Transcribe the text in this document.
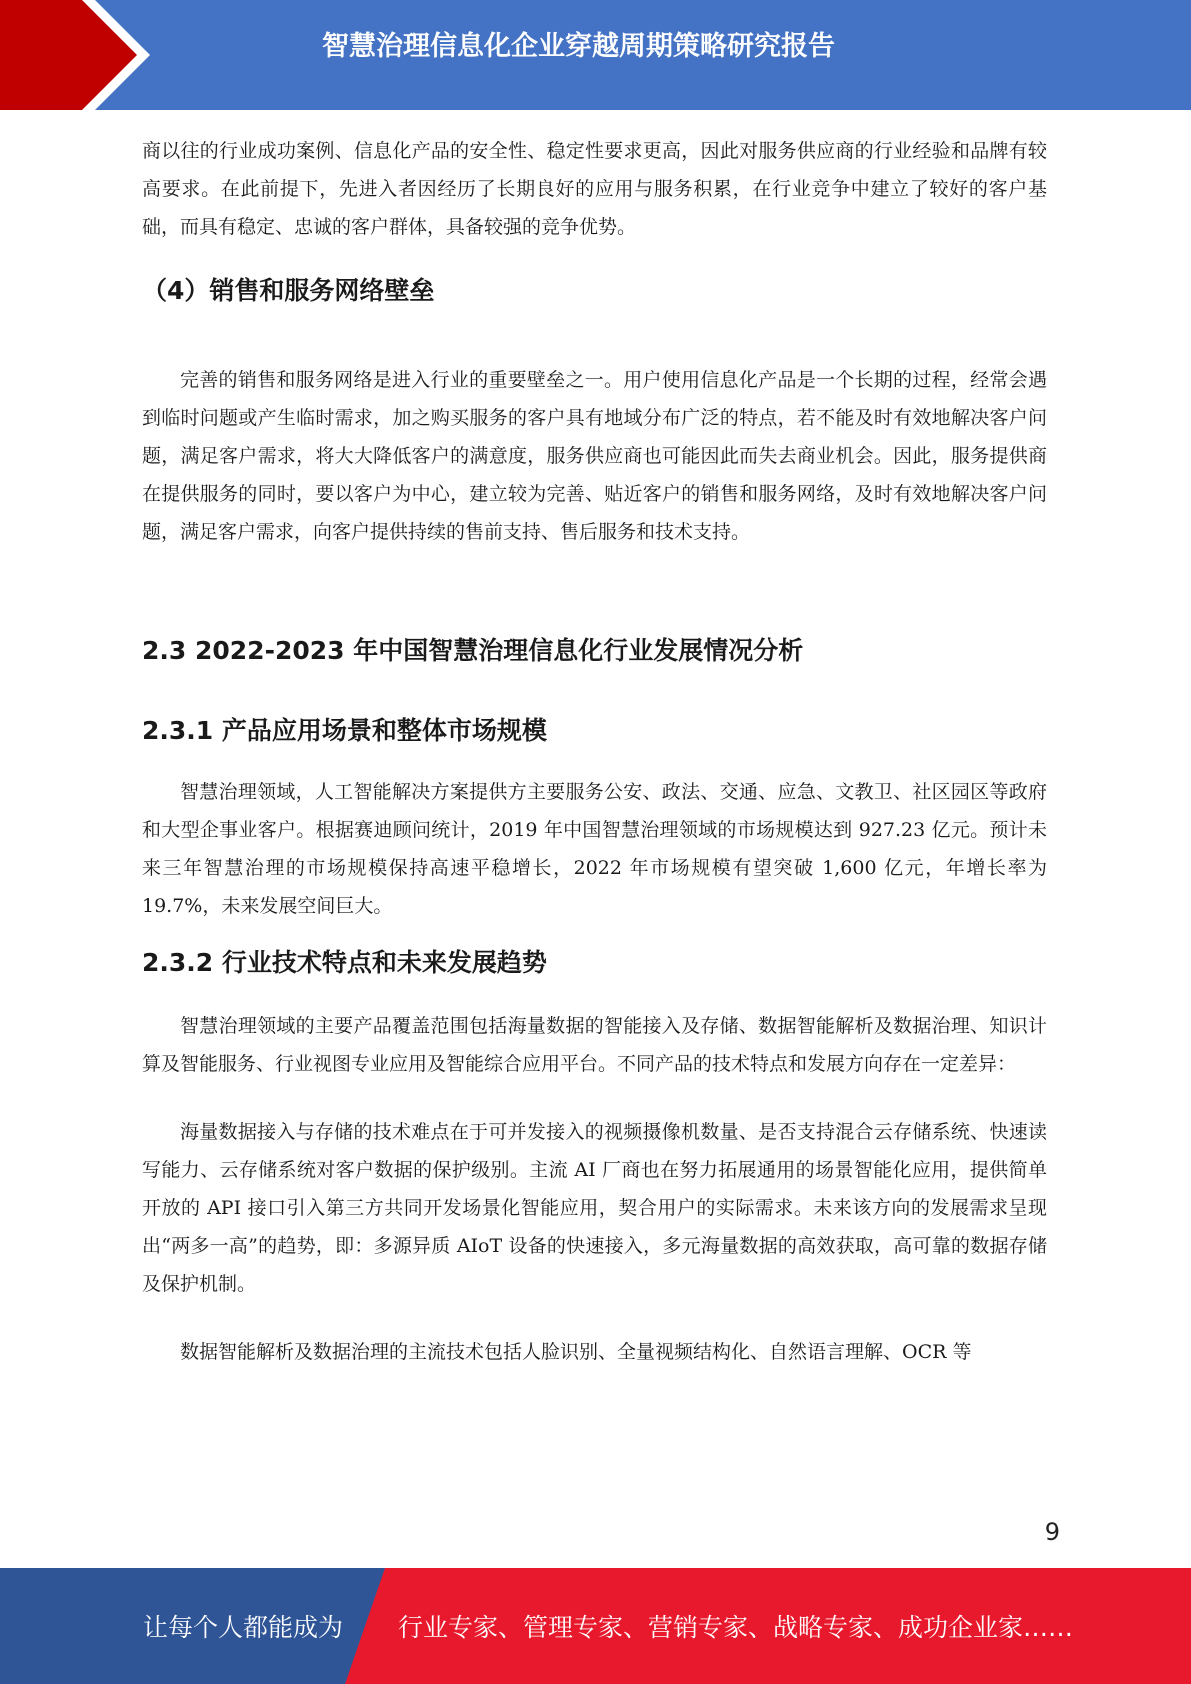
智慧治理信息化企业穿越周期策略研究报告

商以往的行业成功案例、信息化产品的安全性、稳定性要求更高，因此对服务供应商的行业经验和品牌有较高要求。在此前提下，先进入者因经历了长期良好的应用与服务积累，在行业竞争中建立了较好的客户基础，而具有稳定、忠诚的客户群体，具备较强的竞争优势。

（4）销售和服务网络壁垒

完善的销售和服务网络是进入行业的重要壁垒之一。用户使用信息化产品是一个长期的过程，经常会遇到临时问题或产生临时需求，加之购买服务的客户具有地域分布广泛的特点，若不能及时有效地解决客户问题，满足客户需求，将大大降低客户的满意度，服务供应商也可能因此而失去商业机会。因此，服务提供商在提供服务的同时，要以客户为中心，建立较为完善、贴近客户的销售和服务网络，及时有效地解决客户问题，满足客户需求，向客户提供持续的售前支持、售后服务和技术支持。

2.3 2022-2023 年中国智慧治理信息化行业发展情况分析
2.3.1 产品应用场景和整体市场规模

智慧治理领域，人工智能解决方案提供方主要服务公安、政法、交通、应急、文教卫、社区园区等政府和大型企事业客户。根据赛迪顾问统计，2019 年中国智慧治理领域的市场规模达到 927.23 亿元。预计未来三年智慧治理的市场规模保持高速平稳增长，2022 年市场规模有望突破 1,600 亿元，年增长率为 19.7%，未来发展空间巨大。

2.3.2 行业技术特点和未来发展趋势

智慧治理领域的主要产品覆盖范围包括海量数据的智能接入及存储、数据智能解析及数据治理、知识计算及智能服务、行业视图专业应用及智能综合应用平台。不同产品的技术特点和发展方向存在一定差异：

海量数据接入与存储的技术难点在于可并发接入的视频摄像机数量、是否支持混合云存储系统、快速读写能力、云存储系统对客户数据的保护级别。主流 AI 厂商也在努力拓展通用的场景智能化应用，提供简单开放的 API 接口引入第三方共同开发场景化智能应用，契合用户的实际需求。未来该方向的发展需求呈现出“两多一高”的趋势，即：多源异质 AIoT 设备的快速接入，多元海量数据的高效获取，高可靠的数据存储及保护机制。

数据智能解析及数据治理的主流技术包括人脸识别、全量视频结构化、自然语言理解、OCR 等

9
让每个人都能成为 行业专家、管理专家、营销专家、战略专家、成功企业家……
